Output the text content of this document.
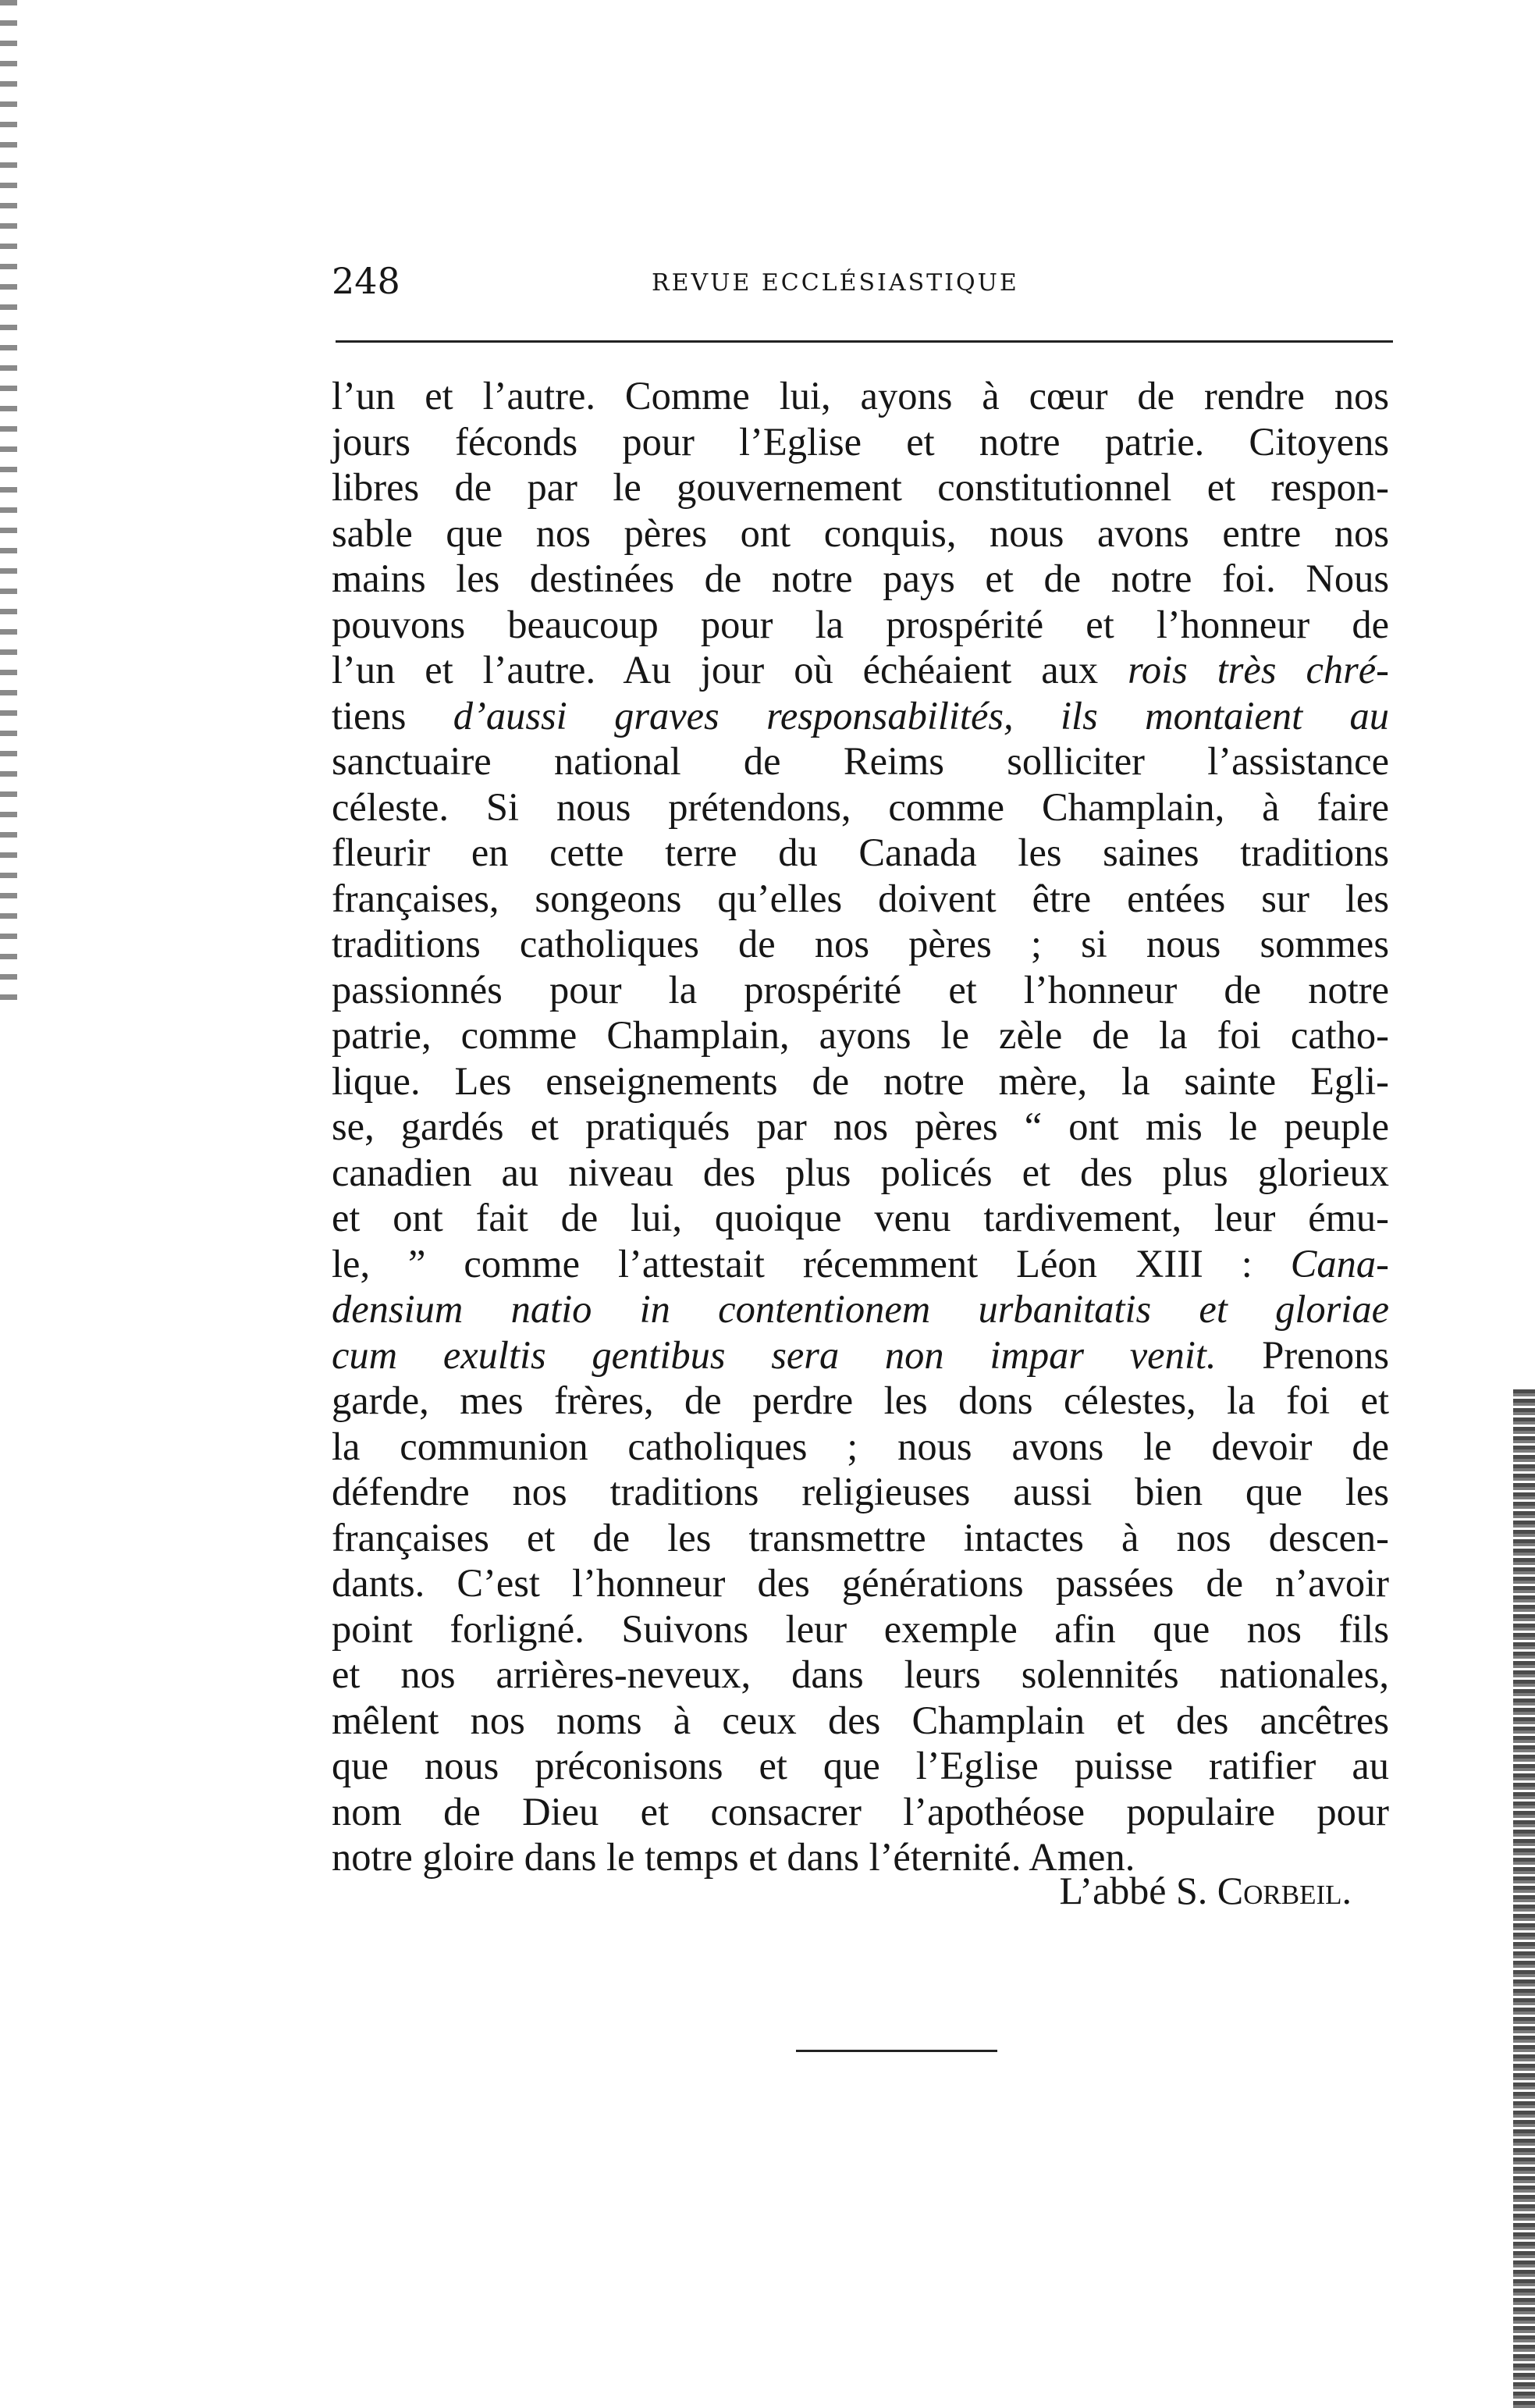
248	REVUE ECCLÉSIASTIQUE
l’un et l’autre. Comme lui, ayons à cœur de rendre nos
jours féconds pour l’Eglise et notre patrie. Citoyens
libres de par le gouvernement constitutionnel et respon-
sable que nos pères ont conquis, nous avons entre nos
mains les destinées de notre pays et de notre foi. Nous
pouvons beaucoup pour la prospérité et l’honneur de
l’un et l’autre. Au jour où échéaient aux rois très chré-
tiens d’aussi graves responsabilités, ils montaient au
sanctuaire national de Reims solliciter l’assistance
céleste. Si nous prétendons, comme Champlain, à faire
fleurir en cette terre du Canada les saines traditions
françaises, songeons qu’elles doivent être entées sur les
traditions catholiques de nos pères ; si nous sommes
passionnés pour la prospérité et l’honneur de notre
patrie, comme Champlain, ayons le zèle de la foi catho-
lique. Les enseignements de notre mère, la sainte Egli-
se, gardés et pratiqués par nos pères “ ont mis le peuple
canadien au niveau des plus policés et des plus glorieux
et ont fait de lui, quoique venu tardivement, leur ému-
le, ” comme l’attestait récemment Léon XIII : Cana-
densium natio in contentionem urbanitatis et gloriae
cum exultis gentibus sera non impar venit. Prenons
garde, mes frères, de perdre les dons célestes, la foi et
la communion catholiques ; nous avons le devoir de
défendre nos traditions religieuses aussi bien que les
françaises et de les transmettre intactes à nos descen-
dants. C’est l’honneur des générations passées de n’avoir
point forligné. Suivons leur exemple afin que nos fils
et nos arrières-neveux, dans leurs solennités nationales,
mêlent nos noms à ceux des Champlain et des ancêtres
que nous préconisons et que l’Eglise puisse ratifier au
nom de Dieu et consacrer l’apothéose populaire pour
notre gloire dans le temps et dans l’éternité. Amen.
L’abbé S. Corbeil.
